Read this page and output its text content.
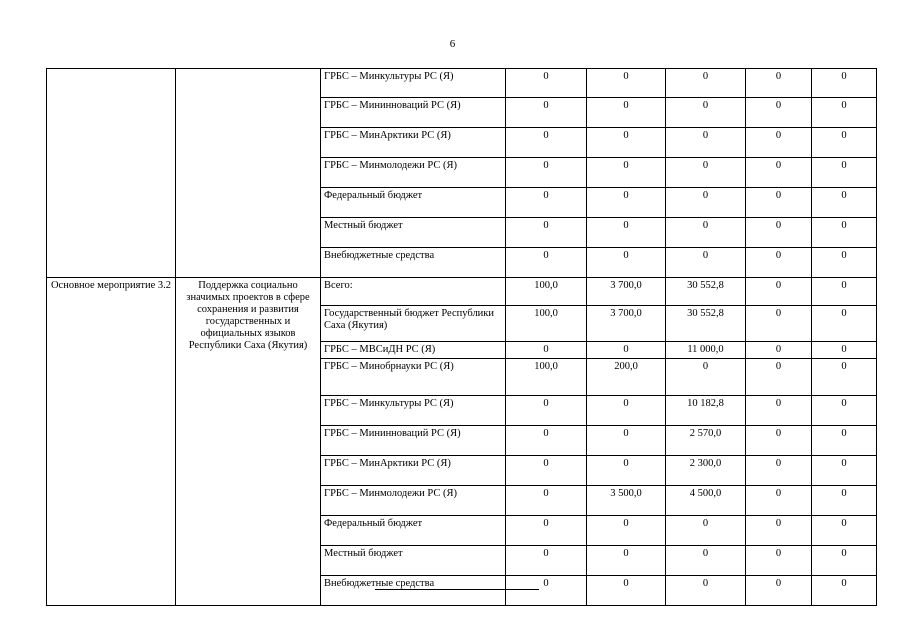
6
		ГРБС – Минкультуры РС (Я)	0	0	0	0	0
		ГРБС – Мининноваций РС (Я)	0	0	0	0	0
		ГРБС – МинАрктики РС (Я)	0	0	0	0	0
		ГРБС – Минмолодежи РС (Я)	0	0	0	0	0
		Федеральный бюджет	0	0	0	0	0
		Местный бюджет	0	0	0	0	0
		Внебюджетные средства	0	0	0	0	0
Основное мероприятие 3.2	Поддержка социально значимых проектов в сфере сохранения и развития государственных и официальных языков Республики Саха (Якутия)	Всего:	100,0	3 700,0	30 552,8	0	0
		Государственный бюджет Республики Саха (Якутия)	100,0	3 700,0	30 552,8	0	0
		ГРБС – МВСиДН РС (Я)	0	0	11 000,0	0	0
		ГРБС – Минобрнауки РС (Я)	100,0	200,0	0	0	0
		ГРБС – Минкультуры РС (Я)	0	0	10 182,8	0	0
		ГРБС – Мининноваций РС (Я)	0	0	2 570,0	0	0
		ГРБС – МинАрктики РС (Я)	0	0	2 300,0	0	0
		ГРБС – Минмолодежи РС (Я)	0	3 500,0	4 500,0	0	0
		Федеральный бюджет	0	0	0	0	0
		Местный бюджет	0	0	0	0	0
		Внебюджетные средства	0	0	0	0	0
